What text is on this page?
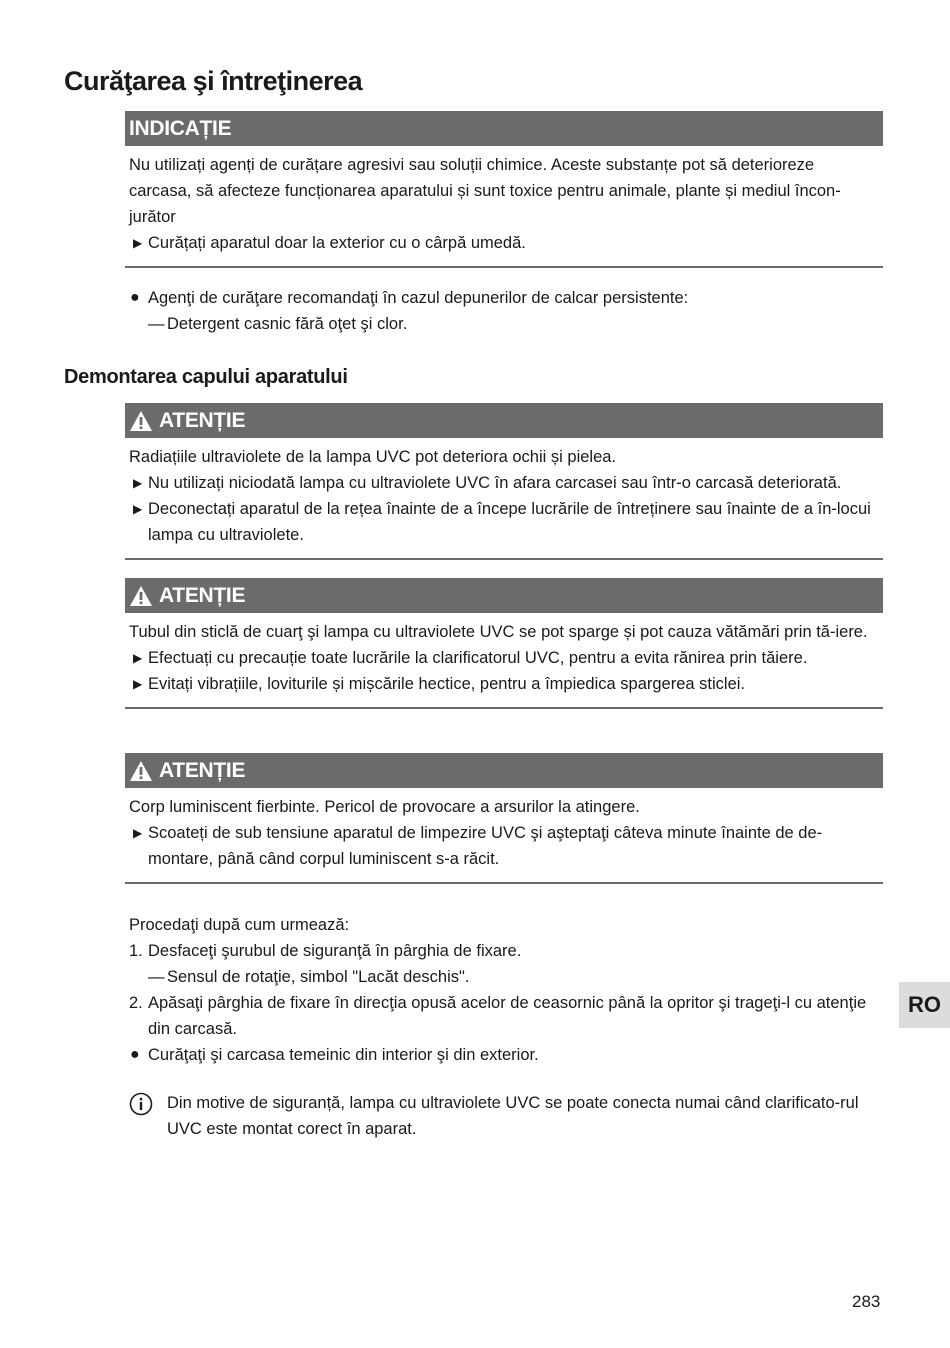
Curăţarea şi întreţinerea
INDICAȚIE

Nu utilizați agenți de curățare agresivi sau soluții chimice. Aceste substanțe pot să deterioreze carcasa, să afecteze funcționarea aparatului și sunt toxice pentru animale, plante și mediul încon-jurător

▶ Curățați aparatul doar la exterior cu o cârpă umedă.
● Agenţi de curăţare recomandaţi în cazul depunerilor de calcar persistente:
— Detergent casnic fără oţet şi clor.
Demontarea capului aparatului
ATENȚIE

Radiațiile ultraviolete de la lampa UVC pot deteriora ochii și pielea.

▶ Nu utilizați niciodată lampa cu ultraviolete UVC în afara carcasei sau într-o carcasă deteriorată.
▶ Deconectați aparatul de la rețea înainte de a începe lucrările de întreținere sau înainte de a în-locui lampa cu ultraviolete.
ATENȚIE

Tubul din sticlă de cuarţ şi lampa cu ultraviolete UVC se pot sparge și pot cauza vătămări prin tă-iere.

▶ Efectuați cu precauție toate lucrările la clarificatorul UVC, pentru a evita rănirea prin tăiere.
▶ Evitați vibrațiile, loviturile și mișcările hectice, pentru a împiedica spargerea sticlei.
ATENȚIE

Corp luminiscent fierbinte. Pericol de provocare a arsurilor la atingere.

▶ Scoateți de sub tensiune aparatul de limpezire UVC şi aşteptaţi câteva minute înainte de de-montare, până când corpul luminiscent s-a răcit.

Procedaţi după cum urmează:

1. Desfaceţi şurubul de siguranţă în pârghia de fixare.
— Sensul de rotaţie, simbol "Lacăt deschis".
2. Apăsaţi pârghia de fixare în direcţia opusă acelor de ceasornic până la opritor şi trageţi-l cu atenţie din carcasă.
● Curăţaţi şi carcasa temeinic din interior şi din exterior.
Din motive de siguranță, lampa cu ultraviolete UVC se poate conecta numai când clarificato-rul UVC este montat corect în aparat.
RO
283
